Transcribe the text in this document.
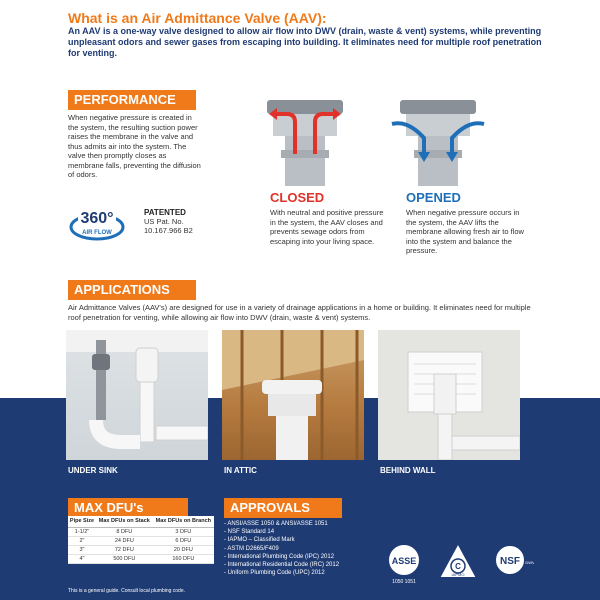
What is an Air Admittance Valve (AAV):
An AAV is a one-way valve designed to allow air flow into DWV (drain, waste & vent) systems, while preventing unpleasant odors and sewer gases from escaping into building. It eliminates need for multiple roof penetration for venting.
PERFORMANCE
When negative pressure is created in the system, the resulting suction power raises the membrane in the valve and thus admits air into the system. The valve then promptly closes as membrane falls, preventing the diffusion of odors.
360°
AIR FLOW
PATENTED
US Pat. No.
10.167.966 B2
CLOSED
With neutral and positive pressure in the system, the AAV closes and prevents sewage odors from escaping into your living space.
OPENED
When negative pressure occurs in the system, the AAV lifts the membrane allowing fresh air to flow into the system and balance the pressure.
APPLICATIONS
Air Admittance Valves (AAV's) are designed for use in a variety of drainage applications in a home or building. It eliminates need for multiple roof penetration for venting, while allowing air flow into DWV (drain, waste & vent) systems.
UNDER SINK	IN ATTIC	BEHIND WALL
MAX DFU's
Pipe Size	Max DFUs on Stack	Max DFUs on Branch
1-1/2"	8 DFU	3 DFU
2"	24 DFU	6 DFU
3"	72 DFU	20 DFU
4"	500 DFU	160 DFU
This is a general guide. Consult local plumbing code.
APPROVALS
- ANSI/ASSE 1050 & ANSI/ASSE 1051
- NSF Standard 14
- IAPMO – Classified Mark
- ASTM D2665/F409
- International Plumbing Code (IPC) 2012
- International Residential Code (IRC) 2012
- Uniform Plumbing Code (UPC) 2012
ASSE
1050 1051
C
IAPMO
NSF DWV
